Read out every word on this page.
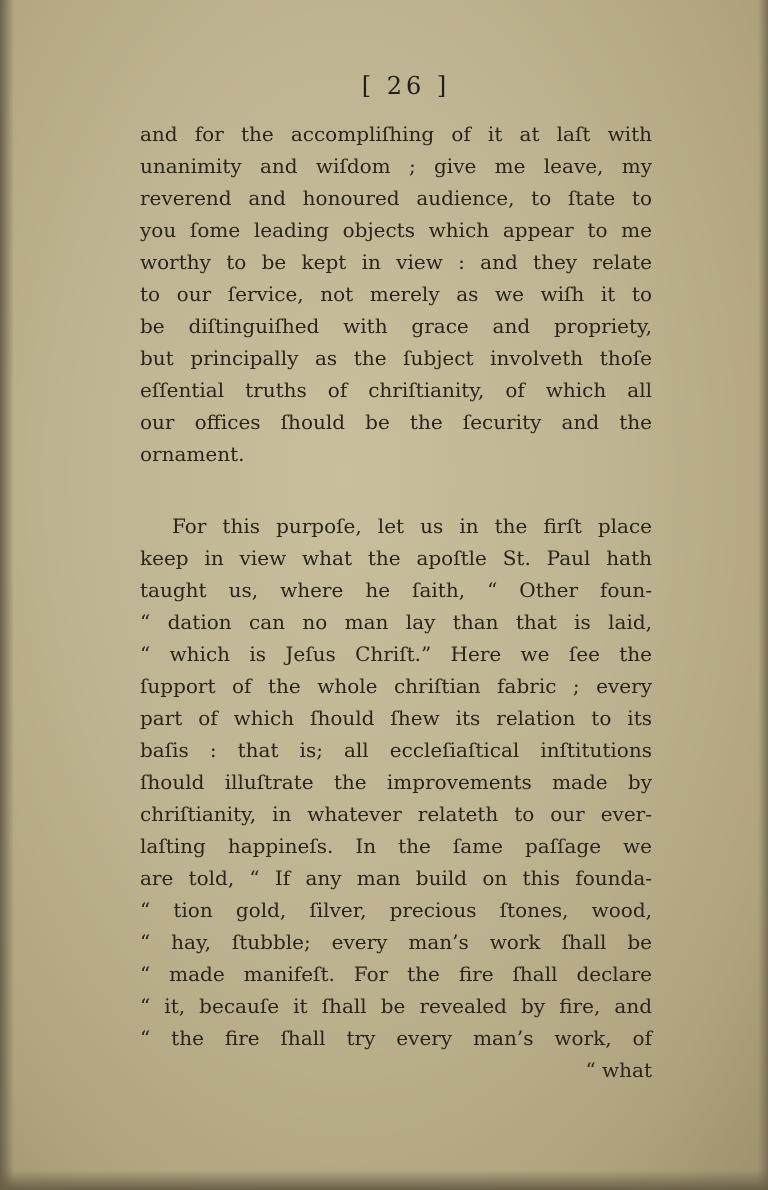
[ 26 ]
and for the accompliſhing of it at laſt with
unanimity and wiſdom ; give me leave, my
reverend and honoured audience, to ſtate to
you ſome leading objects which appear to me
worthy to be kept in view : and they relate
to our ſervice, not merely as we wiſh it to
be diſtinguiſhed with grace and propriety,
but principally as the ſubject involveth thoſe
eſſential truths of chriſtianity, of which all
our offices ſhould be the ſecurity and the
ornament.
For this purpoſe, let us in the firſt place
keep in view what the apoſtle St. Paul hath
taught us, where he ſaith, “ Other foun-
“ dation can no man lay than that is laid,
“ which is Jeſus Chriſt.” Here we ſee the
ſupport of the whole chriſtian fabric ; every
part of which ſhould ſhew its relation to its
baſis : that is; all eccleſiaſtical inſtitutions
ſhould illuſtrate the improvements made by
chriſtianity, in whatever relateth to our ever-
laſting happineſs. In the ſame paſſage we
are told, “ If any man build on this founda-
“ tion gold, ſilver, precious ſtones, wood,
“ hay, ſtubble; every man’s work ſhall be
“ made manifeſt. For the fire ſhall declare
“ it, becauſe it ſhall be revealed by fire, and
“ the fire ſhall try every man’s work, of
“ what
